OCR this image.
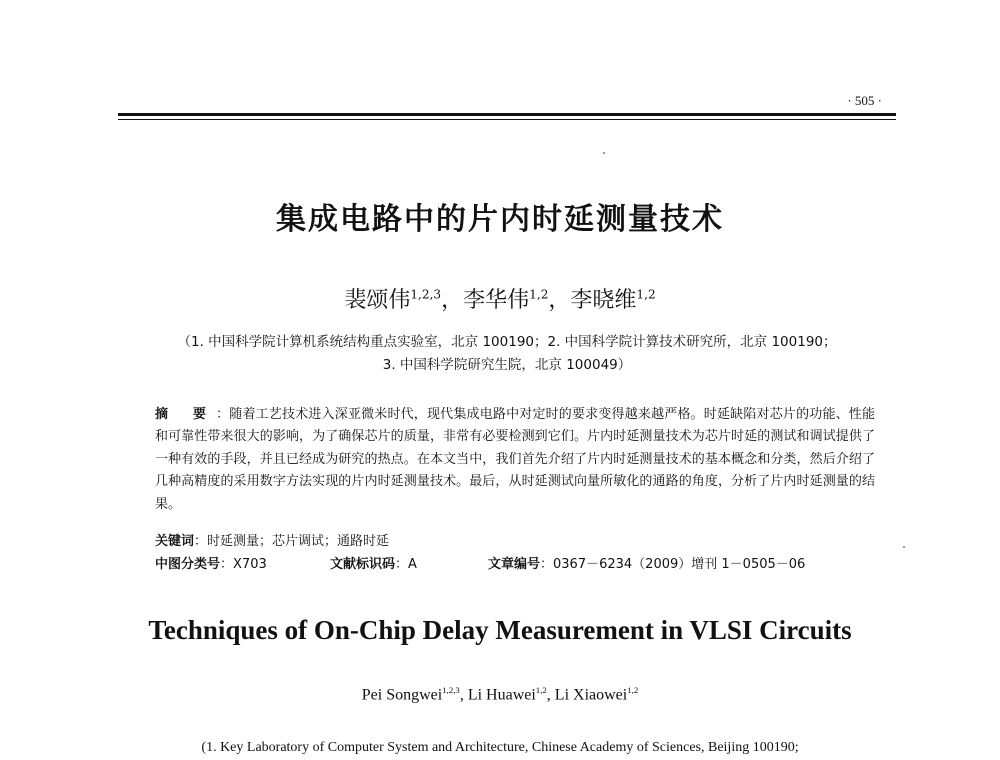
· 505 ·
集成电路中的片内时延测量技术
裴颂伟$^{1,2,3}$，李华伟$^{1,2}$，李晓维$^{1,2}$
（1. 中国科学院计算机系统结构重点实验室，北京 100190；2. 中国科学院计算技术研究所，北京 100190；
3. 中国科学院研究生院，北京 100049）
摘 要：随着工艺技术进入深亚微米时代，现代集成电路中对定时的要求变得越来越严格。时延缺陷对芯片的功能、性能和可靠性带来很大的影响，为了确保芯片的质量，非常有必要检测到它们。片内时延测量技术为芯片时延的测试和调试提供了一种有效的手段，并且已经成为研究的热点。在本文当中，我们首先介绍了片内时延测量技术的基本概念和分类，然后介绍了几种高精度的采用数字方法实现的片内时延测量技术。最后，从时延测试向量所敏化的通路的角度，分析了片内时延测量的结果。
关键词：时延测量；芯片调试；通路时延
中图分类号：X703	文献标识码：A	文章编号：0367－6234（2009）增刊 1－0505－06
Techniques of On-Chip Delay Measurement in VLSI Circuits
Pei Songwei$^{1,2,3}$, Li Huawei$^{1,2}$, Li Xiaowei$^{1,2}$
(1. Key Laboratory of Computer System and Architecture, Chinese Academy of Sciences, Beijing 100190;
